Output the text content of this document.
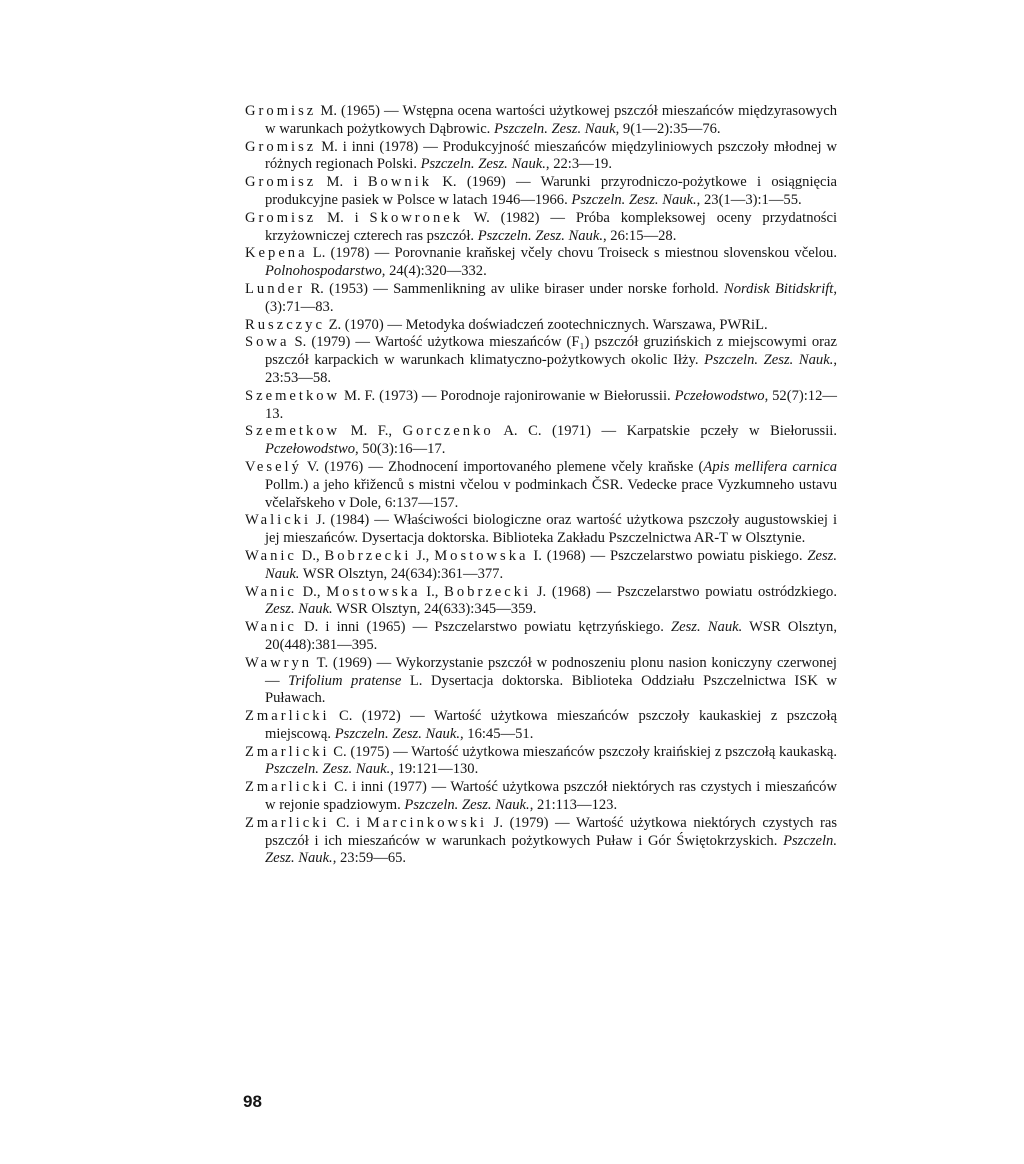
Gromisz M. (1965) — Wstępna ocena wartości użytkowej pszczół mieszańców międzyrasowych w warunkach pożytkowych Dąbrowic. Pszczeln. Zesz. Nauk, 9(1—2):35—76.

Gromisz M. i inni (1978) — Produkcyjność mieszańców międzyliniowych pszczoły młodnej w różnych regionach Polski. Pszczeln. Zesz. Nauk., 22:3—19.

Gromisz M. i Bownik K. (1969) — Warunki przyrodniczo-pożytkowe i osiągnięcia produkcyjne pasiek w Polsce w latach 1946—1966. Pszczeln. Zesz. Nauk., 23(1—3):1—55.

Gromisz M. i Skowronek W. (1982) — Próba kompleksowej oceny przydatności krzyżowniczej czterech ras pszczół. Pszczeln. Zesz. Nauk., 26:15—28.

Kepena L. (1978) — Porovnanie kraňskej včely chovu Troiseck s miestnou slovenskou včelou. Polnohospodarstwo, 24(4):320—332.

Lunder R. (1953) — Sammenlikning av ulike biraser under norske forhold. Nordisk Bitidskrift, (3):71—83.

Ruszczyc Z. (1970) — Metodyka doświadczeń zootechnicznych. Warszawa, PWRiL.

Sowa S. (1979) — Wartość użytkowa mieszańców (F₁) pszczół gruzińskich z miejscowymi oraz pszczół karpackich w warunkach klimatyczno-pożytkowych okolic Iłży. Pszczeln. Zesz. Nauk., 23:53—58.

Szemetkow M. F. (1973) — Porodnoje rajonirowanie w Biełorussii. Pczełowodstwo, 52(7):12—13.

Szemetkow M. F., Gorczenko A. C. (1971) — Karpatskie pczeły w Biełorussii. Pczełowodstwo, 50(3):16—17.

Veselý V. (1976) — Zhodnocení importovaného plemene včely kraňske (Apis mellifera carnica Pollm.) a jeho křiženců s mistni včelou v podminkach ČSR. Vedecke prace Vyzkumneho ustavu včelařskeho v Dole, 6:137—157.

Walicki J. (1984) — Właściwości biologiczne oraz wartość użytkowa pszczoły augustowskiej i jej mieszańców. Dysertacja doktorska. Biblioteka Zakładu Pszczelnictwa AR-T w Olsztynie.

Wanic D., Bobrzecki J., Mostowska I. (1968) — Pszczelarstwo powiatu piskiego. Zesz. Nauk. WSR Olsztyn, 24(634):361—377.

Wanic D., Mostowska I., Bobrzecki J. (1968) — Pszczelarstwo powiatu ostródzkiego. Zesz. Nauk. WSR Olsztyn, 24(633):345—359.

Wanic D. i inni (1965) — Pszczelarstwo powiatu kętrzyńskiego. Zesz. Nauk. WSR Olsztyn, 20(448):381—395.

Wawryn T. (1969) — Wykorzystanie pszczół w podnoszeniu plonu nasion koniczyny czerwonej — Trifolium pratense L. Dysertacja doktorska. Biblioteka Oddziału Pszczelnictwa ISK w Puławach.

Zmarlicki C. (1972) — Wartość użytkowa mieszańców pszczoły kaukaskiej z pszczołą miejscową. Pszczeln. Zesz. Nauk., 16:45—51.

Zmarlicki C. (1975) — Wartość użytkowa mieszańców pszczoły kraińskiej z pszczołą kaukaską. Pszczeln. Zesz. Nauk., 19:121—130.

Zmarlicki C. i inni (1977) — Wartość użytkowa pszczół niektórych ras czystych i mieszańców w rejonie spadziowym. Pszczeln. Zesz. Nauk., 21:113—123.

Zmarlicki C. i Marcinkowski J. (1979) — Wartość użytkowa niektórych czystych ras pszczół i ich mieszańców w warunkach pożytkowych Puław i Gór Świętokrzyskich. Pszczeln. Zesz. Nauk., 23:59—65.

98
